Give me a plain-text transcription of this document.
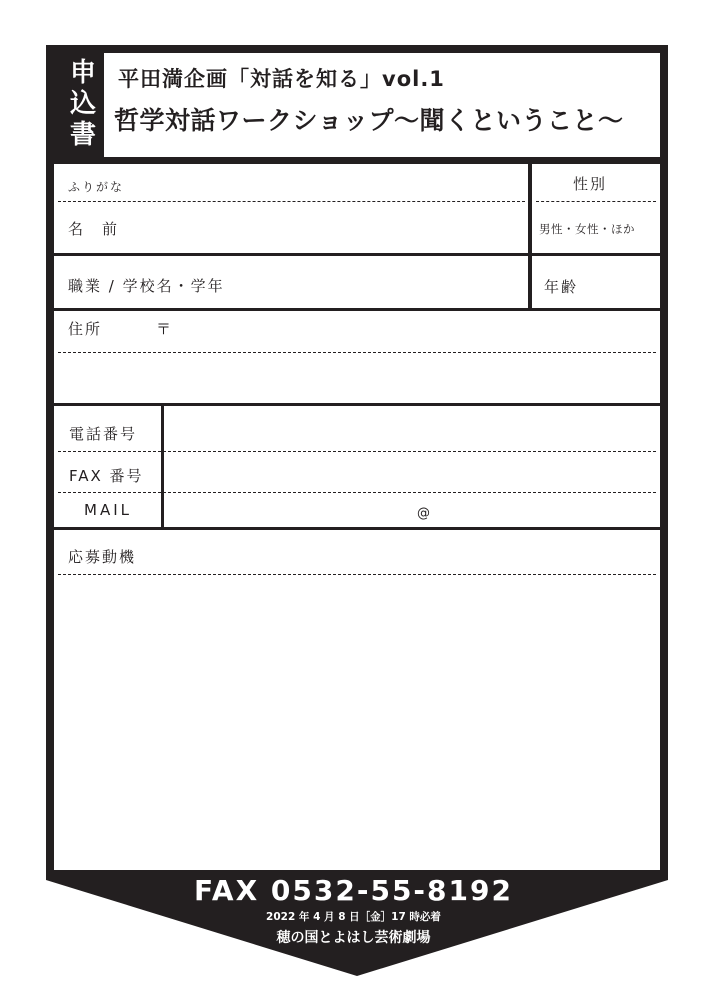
申
込
書
平田満企画「対話を知る」vol.1
哲学対話ワークショップ〜聞くということ〜
ふりがな
名　前
性別
男性・女性・ほか
職業 / 学校名・学年	年齢
住所	〒
電話番号
FAX 番号
MAIL	@
応募動機
FAX 0532-55-8192
2022 年 4 月 8 日［金］17 時必着
穂の国とよはし芸術劇場
